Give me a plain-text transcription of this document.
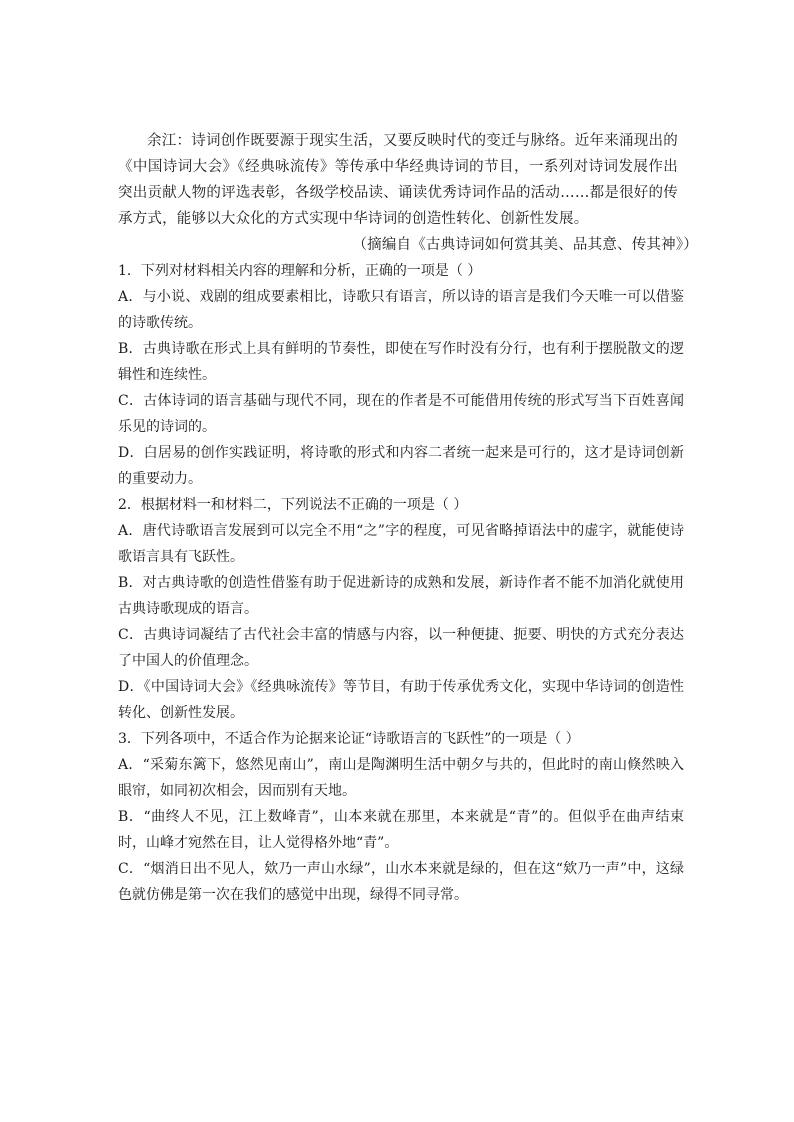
余江：诗词创作既要源于现实生活，又要反映时代的变迁与脉络。近年来涌现出的《中国诗词大会》《经典咏流传》等传承中华经典诗词的节目，一系列对诗词发展作出突出贡献人物的评选表彰，各级学校品读、诵读优秀诗词作品的活动……都是很好的传承方式，能够以大众化的方式实现中华诗词的创造性转化、创新性发展。

（摘编自《古典诗词如何赏其美、品其意、传其神》）

1．下列对材料相关内容的理解和分析，正确的一项是（ ）

A．与小说、戏剧的组成要素相比，诗歌只有语言，所以诗的语言是我们今天唯一可以借鉴的诗歌传统。

B．古典诗歌在形式上具有鲜明的节奏性，即使在写作时没有分行，也有利于摆脱散文的逻辑性和连续性。

C．古体诗词的语言基础与现代不同，现在的作者是不可能借用传统的形式写当下百姓喜闻乐见的诗词的。

D．白居易的创作实践证明，将诗歌的形式和内容二者统一起来是可行的，这才是诗词创新的重要动力。

2．根据材料一和材料二，下列说法不正确的一项是（ ）

A．唐代诗歌语言发展到可以完全不用“之”字的程度，可见省略掉语法中的虚字，就能使诗歌语言具有飞跃性。

B．对古典诗歌的创造性借鉴有助于促进新诗的成熟和发展，新诗作者不能不加消化就使用古典诗歌现成的语言。

C．古典诗词凝结了古代社会丰富的情感与内容，以一种便捷、扼要、明快的方式充分表达了中国人的价值理念。

D．《中国诗词大会》《经典咏流传》等节目，有助于传承优秀文化，实现中华诗词的创造性转化、创新性发展。

3．下列各项中，不适合作为论据来论证“诗歌语言的飞跃性”的一项是（ ）

A．“采菊东篱下，悠然见南山”，南山是陶渊明生活中朝夕与共的，但此时的南山倏然映入眼帘，如同初次相会，因而别有天地。

B．“曲终人不见，江上数峰青”，山本来就在那里，本来就是“青”的。但似乎在曲声结束时，山峰才宛然在目，让人觉得格外地“青”。

C．“烟消日出不见人，欸乃一声山水绿”，山水本来就是绿的，但在这“欸乃一声”中，这绿色就仿佛是第一次在我们的感觉中出现，绿得不同寻常。
